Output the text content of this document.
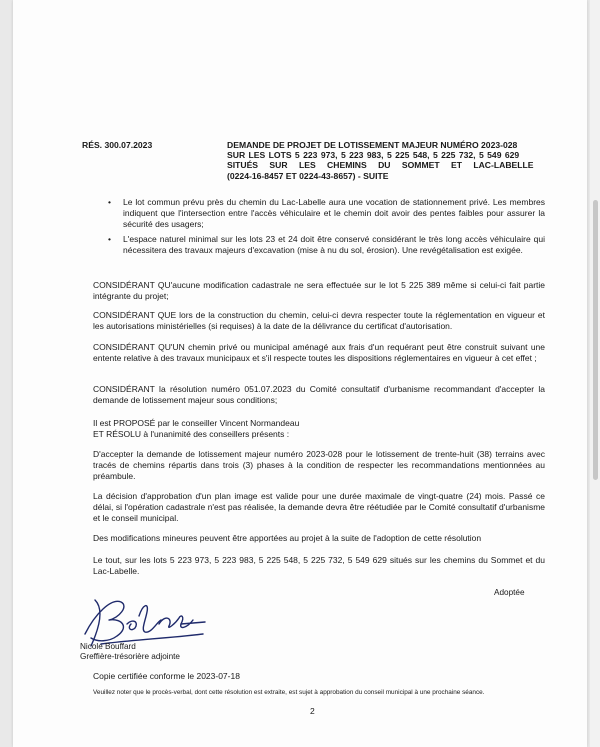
RÉS. 300.07.2023	DEMANDE DE PROJET DE LOTISSEMENT MAJEUR NUMÉRO 2023-028
SUR LES LOTS 5 223 973, 5 223 983, 5 225 548, 5 225 732, 5 549 629
SITUÉS SUR LES CHEMINS DU SOMMET ET LAC-LABELLE
(0224-16-8457 ET 0224-43-8657) - SUITE
• Le lot commun prévu près du chemin du Lac-Labelle aura une vocation de stationnement privé. Les membres indiquent que l'intersection entre l'accès véhiculaire et le chemin doit avoir des pentes faibles pour assurer la sécurité des usagers;
• L'espace naturel minimal sur les lots 23 et 24 doit être conservé considérant le très long accès véhiculaire qui nécessitera des travaux majeurs d'excavation (mise à nu du sol, érosion). Une revégétalisation est exigée.
CONSIDÉRANT QU'aucune modification cadastrale ne sera effectuée sur le lot 5 225 389 même si celui-ci fait partie intégrante du projet;
CONSIDÉRANT QUE lors de la construction du chemin, celui-ci devra respecter toute la réglementation en vigueur et les autorisations ministérielles (si requises) à la date de la délivrance du certificat d'autorisation.
CONSIDÉRANT QU'UN chemin privé ou municipal aménagé aux frais d'un requérant peut être construit suivant une entente relative à des travaux municipaux et s'il respecte toutes les dispositions réglementaires en vigueur à cet effet ;
CONSIDÉRANT la résolution numéro 051.07.2023 du Comité consultatif d'urbanisme recommandant d'accepter la demande de lotissement majeur sous conditions;
Il est PROPOSÉ par le conseiller Vincent Normandeau
ET RÉSOLU à l'unanimité des conseillers présents :
D'accepter la demande de lotissement majeur numéro 2023-028 pour le lotissement de trente-huit (38) terrains avec tracés de chemins répartis dans trois (3) phases à la condition de respecter les recommandations mentionnées au préambule.
La décision d'approbation d'un plan image est valide pour une durée maximale de vingt-quatre (24) mois. Passé ce délai, si l'opération cadastrale n'est pas réalisée, la demande devra être réétudiée par le Comité consultatif d'urbanisme et le conseil municipal.
Des modifications mineures peuvent être apportées au projet à la suite de l'adoption de cette résolution
Le tout, sur les lots 5 223 973, 5 223 983, 5 225 548, 5 225 732, 5 549 629 situés sur les chemins du Sommet et du Lac-Labelle.
Adoptée
Nicole Bouffard
Greffière-trésorière adjointe
Copie certifiée conforme le 2023-07-18
Veuillez noter que le procès-verbal, dont cette résolution est extraite, est sujet à approbation du conseil municipal à une prochaine séance.
2
